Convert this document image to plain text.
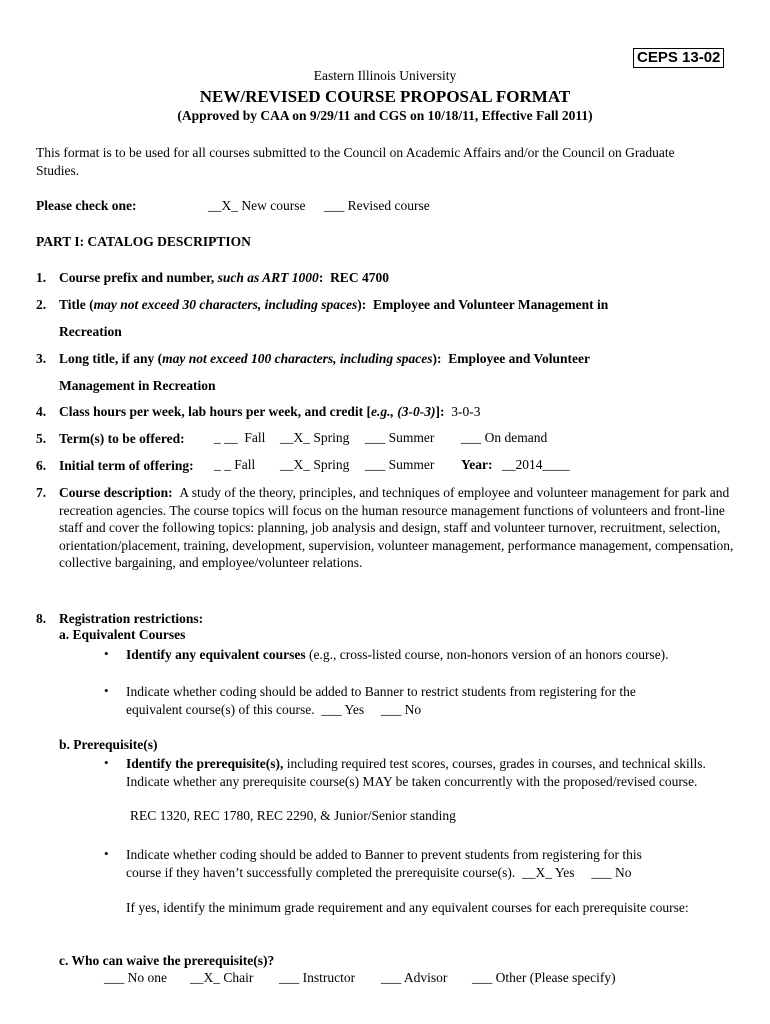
CEPS 13-02
Eastern Illinois University
NEW/REVISED COURSE PROPOSAL FORMAT
(Approved by CAA on 9/29/11 and CGS on 10/18/11, Effective Fall 2011)
This format is to be used for all courses submitted to the Council on Academic Affairs and/or the Council on Graduate Studies.
Please check one:	__X_ New course ___ Revised course
PART I: CATALOG DESCRIPTION
1. Course prefix and number, such as ART 1000:  REC 4700
2. Title (may not exceed 30 characters, including spaces): Employee and Volunteer Management in
Recreation
3. Long title, if any (may not exceed 100 characters, including spaces): Employee and Volunteer
Management in Recreation
4. Class hours per week, lab hours per week, and credit [e.g., (3-0-3)]: 3-0-3
5. Term(s) to be offered:	_ __  Fall __X_ Spring ___ Summer ___ On demand
6. Initial term of offering:	_ _ Fall __X_ Spring ___ Summer Year: __2014____
7. Course description: A study of the theory, principles, and techniques of employee and volunteer management for park and recreation agencies. The course topics will focus on the human resource management functions of volunteers and front-line staff and cover the following topics: planning, job analysis and design, staff and volunteer turnover, recruitment, selection, orientation/placement, training, development, supervision, volunteer management, performance management, compensation, collective bargaining, and employee/volunteer relations.
8. Registration restrictions:
a. Equivalent Courses
• Identify any equivalent courses (e.g., cross-listed course, non-honors version of an honors course).
• Indicate whether coding should be added to Banner to restrict students from registering for the
equivalent course(s) of this course. ___ Yes ___ No
b. Prerequisite(s)
• Identify the prerequisite(s), including required test scores, courses, grades in courses, and technical skills. Indicate whether any prerequisite course(s) MAY be taken concurrently with the proposed/revised course.
REC 1320, REC 1780, REC 2290, & Junior/Senior standing
• Indicate whether coding should be added to Banner to prevent students from registering for this
course if they haven’t successfully completed the prerequisite course(s). __X_ Yes ___ No
If yes, identify the minimum grade requirement and any equivalent courses for each prerequisite course:
c. Who can waive the prerequisite(s)?
___ No one __X_ Chair ___ Instructor ___ Advisor ___ Other (Please specify)
